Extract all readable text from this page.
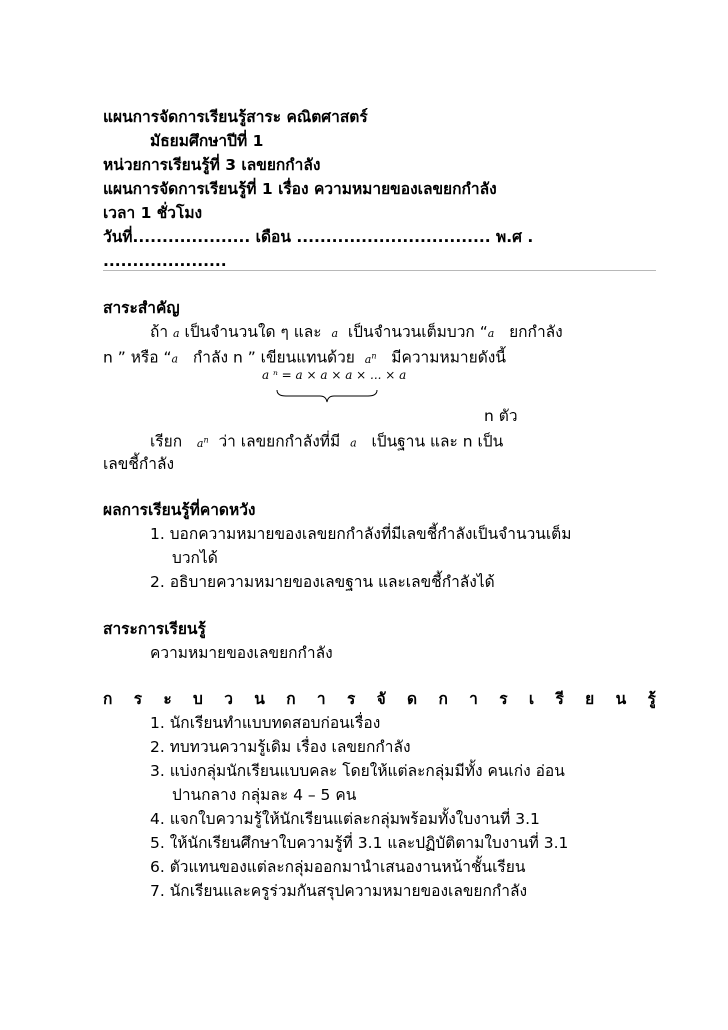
แผนการจัดการเรียนรู้สาระ คณิตศาสตร์
มัธยมศึกษาปีที่ 1
หน่วยการเรียนรู้ที่ 3 เลขยกกำลัง
แผนการจัดการเรียนรู้ที่ 1 เรื่อง ความหมายของเลขยกกำลัง
เวลา 1 ชั่วโมง
วันที่.................... เดือน ................................. พ.ศ .
.....................
สาระสำคัญ
ถ้า a เป็นจำนวนใด ๆ และ a เป็นจำนวนเต็มบวก “a ยกกำลัง
n ” หรือ “a กำลัง n ” เขียนแทนด้วย $a^n$ มีความหมายดังนี้
a ⁿ = a × a × a × ... × a
n ตัว
เรียก $a^n$ ว่า เลขยกกำลังที่มี a เป็นฐาน และ n เป็น
เลขชี้กำลัง
ผลการเรียนรู้ที่คาดหวัง
1. บอกความหมายของเลขยกกำลังที่มีเลขชี้กำลังเป็นจำนวนเต็ม
บวกได้
2. อธิบายความหมายของเลขฐาน และเลขชี้กำลังได้
สาระการเรียนรู้
ความหมายของเลขยกกำลัง
ก ร ะ บ ว น ก า ร จั ด ก า ร เ รี ย น รู้
1. นักเรียนทำแบบทดสอบก่อนเรื่อง
2. ทบทวนความรู้เดิม เรื่อง เลขยกกำลัง
3. แบ่งกลุ่มนักเรียนแบบคละ โดยให้แต่ละกลุ่มมีทั้ง คนเก่ง อ่อน
ปานกลาง กลุ่มละ 4 – 5 คน
4. แจกใบความรู้ให้นักเรียนแต่ละกลุ่มพร้อมทั้งใบงานที่ 3.1
5. ให้นักเรียนศึกษาใบความรู้ที่ 3.1 และปฏิบัติตามใบงานที่ 3.1
6. ตัวแทนของแต่ละกลุ่มออกมานำเสนองานหน้าชั้นเรียน
7. นักเรียนและครูร่วมกันสรุปความหมายของเลขยกกำลัง
